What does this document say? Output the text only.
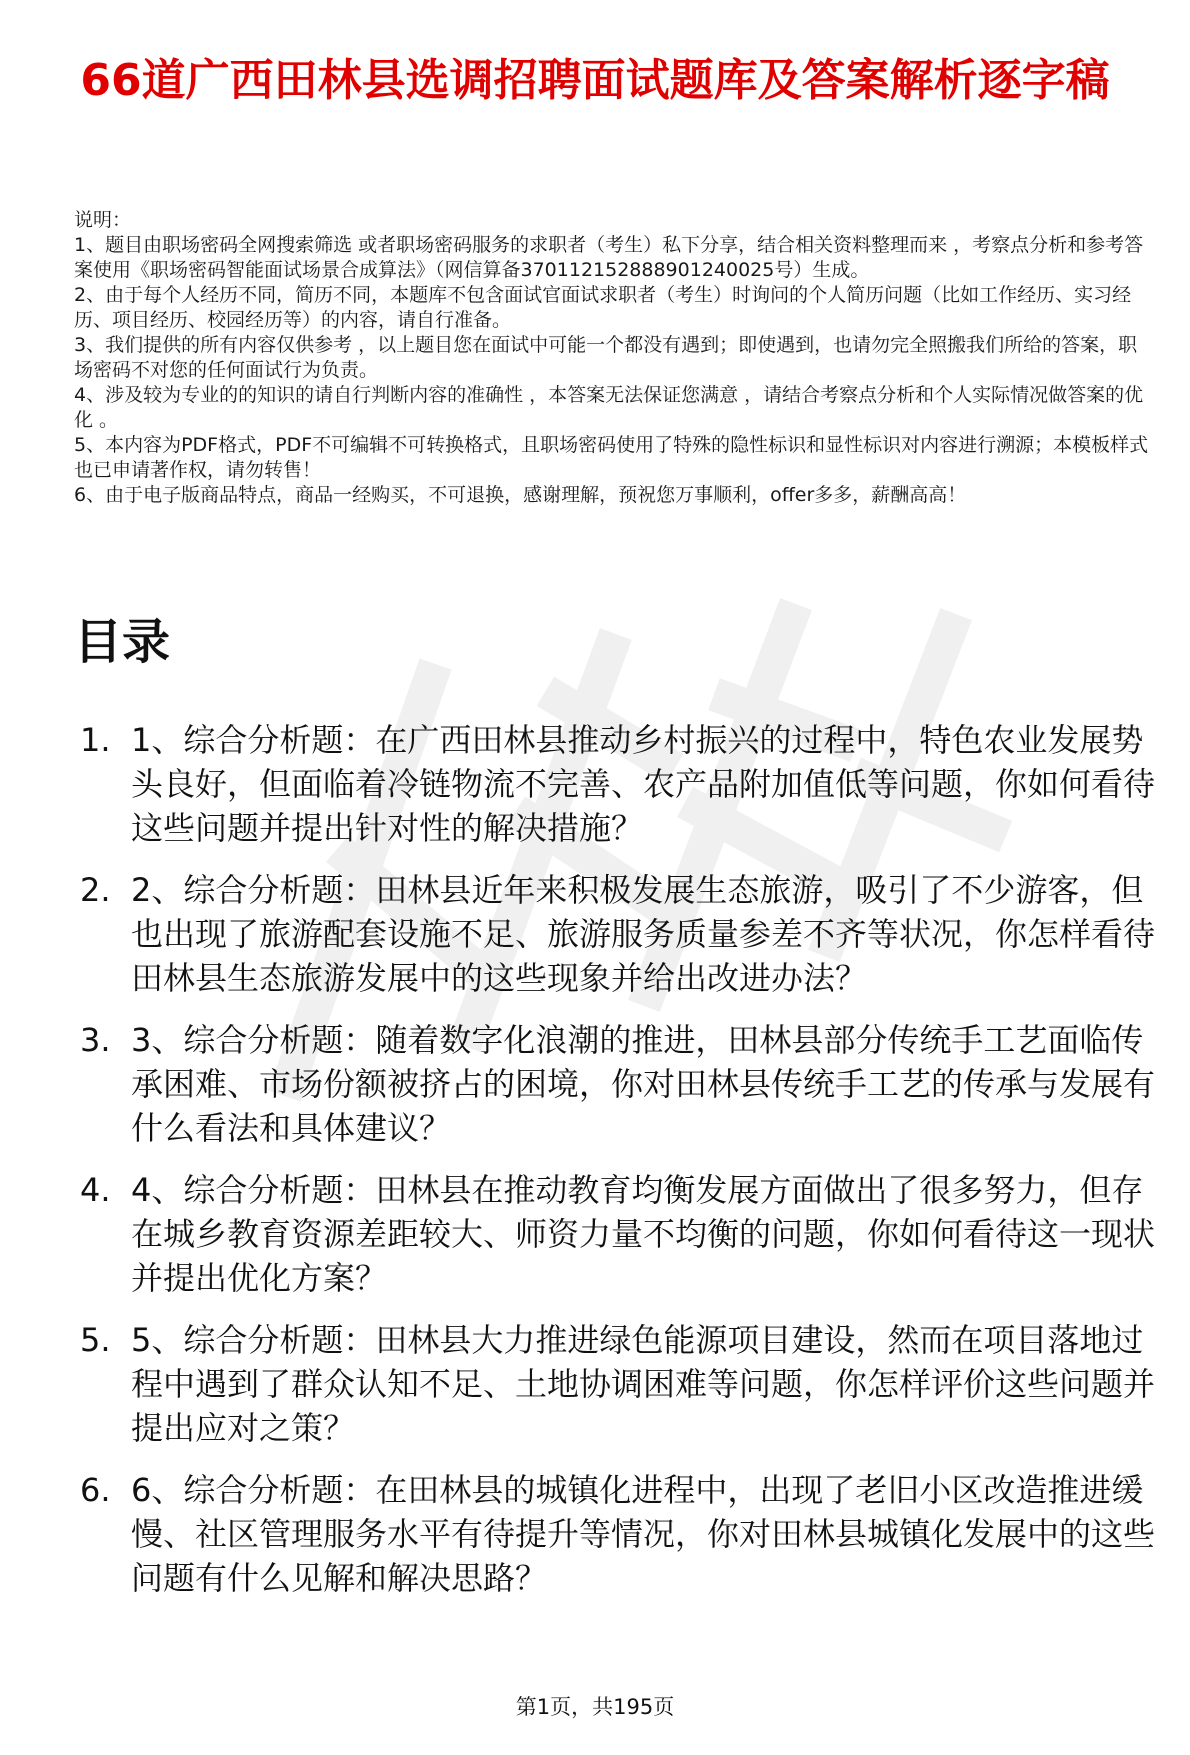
66道广西田林县选调招聘面试题库及答案解析逐字稿

说明：

1、题目由职场密码全网搜索筛选 或者职场密码服务的求职者（考生）私下分享，结合相关资料整理而来 ，考察点分析和参考答案使用《职场密码智能面试场景合成算法》（网信算备370112152888901240025号）生成。

2、由于每个人经历不同，简历不同，本题库不包含面试官面试求职者（考生）时询问的个人简历问题（比如工作经历、实习经历、项目经历、校园经历等）的内容，请自行准备。

3、我们提供的所有内容仅供参考 ，以上题目您在面试中可能一个都没有遇到；即使遇到，也请勿完全照搬我们所给的答案，职场密码不对您的任何面试行为负责。

4、涉及较为专业的的知识的请自行判断内容的准确性 ，本答案无法保证您满意 ，请结合考察点分析和个人实际情况做答案的优化 。

5、本内容为PDF格式，PDF不可编辑不可转换格式，且职场密码使用了特殊的隐性标识和显性标识对内容进行溯源；本模板样式也已申请著作权，请勿转售！

6、由于电子版商品特点，商品一经购买，不可退换，感谢理解，预祝您万事顺利，offer多多，薪酬高高！

目录
1. 1、综合分析题：在广西田林县推动乡村振兴的过程中，特色农业发展势头良好，但面临着冷链物流不完善、农产品附加值低等问题，你如何看待这些问题并提出针对性的解决措施？
2. 2、综合分析题：田林县近年来积极发展生态旅游，吸引了不少游客，但也出现了旅游配套设施不足、旅游服务质量参差不齐等状况，你怎样看待田林县生态旅游发展中的这些现象并给出改进办法？
3. 3、综合分析题：随着数字化浪潮的推进，田林县部分传统手工艺面临传承困难、市场份额被挤占的困境，你对田林县传统手工艺的传承与发展有什么看法和具体建议？
4. 4、综合分析题：田林县在推动教育均衡发展方面做出了很多努力，但存在城乡教育资源差距较大、师资力量不均衡的问题，你如何看待这一现状并提出优化方案？
5. 5、综合分析题：田林县大力推进绿色能源项目建设，然而在项目落地过程中遇到了群众认知不足、土地协调困难等问题，你怎样评价这些问题并提出应对之策？
6. 6、综合分析题：在田林县的城镇化进程中，出现了老旧小区改造推进缓慢、社区管理服务水平有待提升等情况，你对田林县城镇化发展中的这些问题有什么见解和解决思路？
第1页，共195页
